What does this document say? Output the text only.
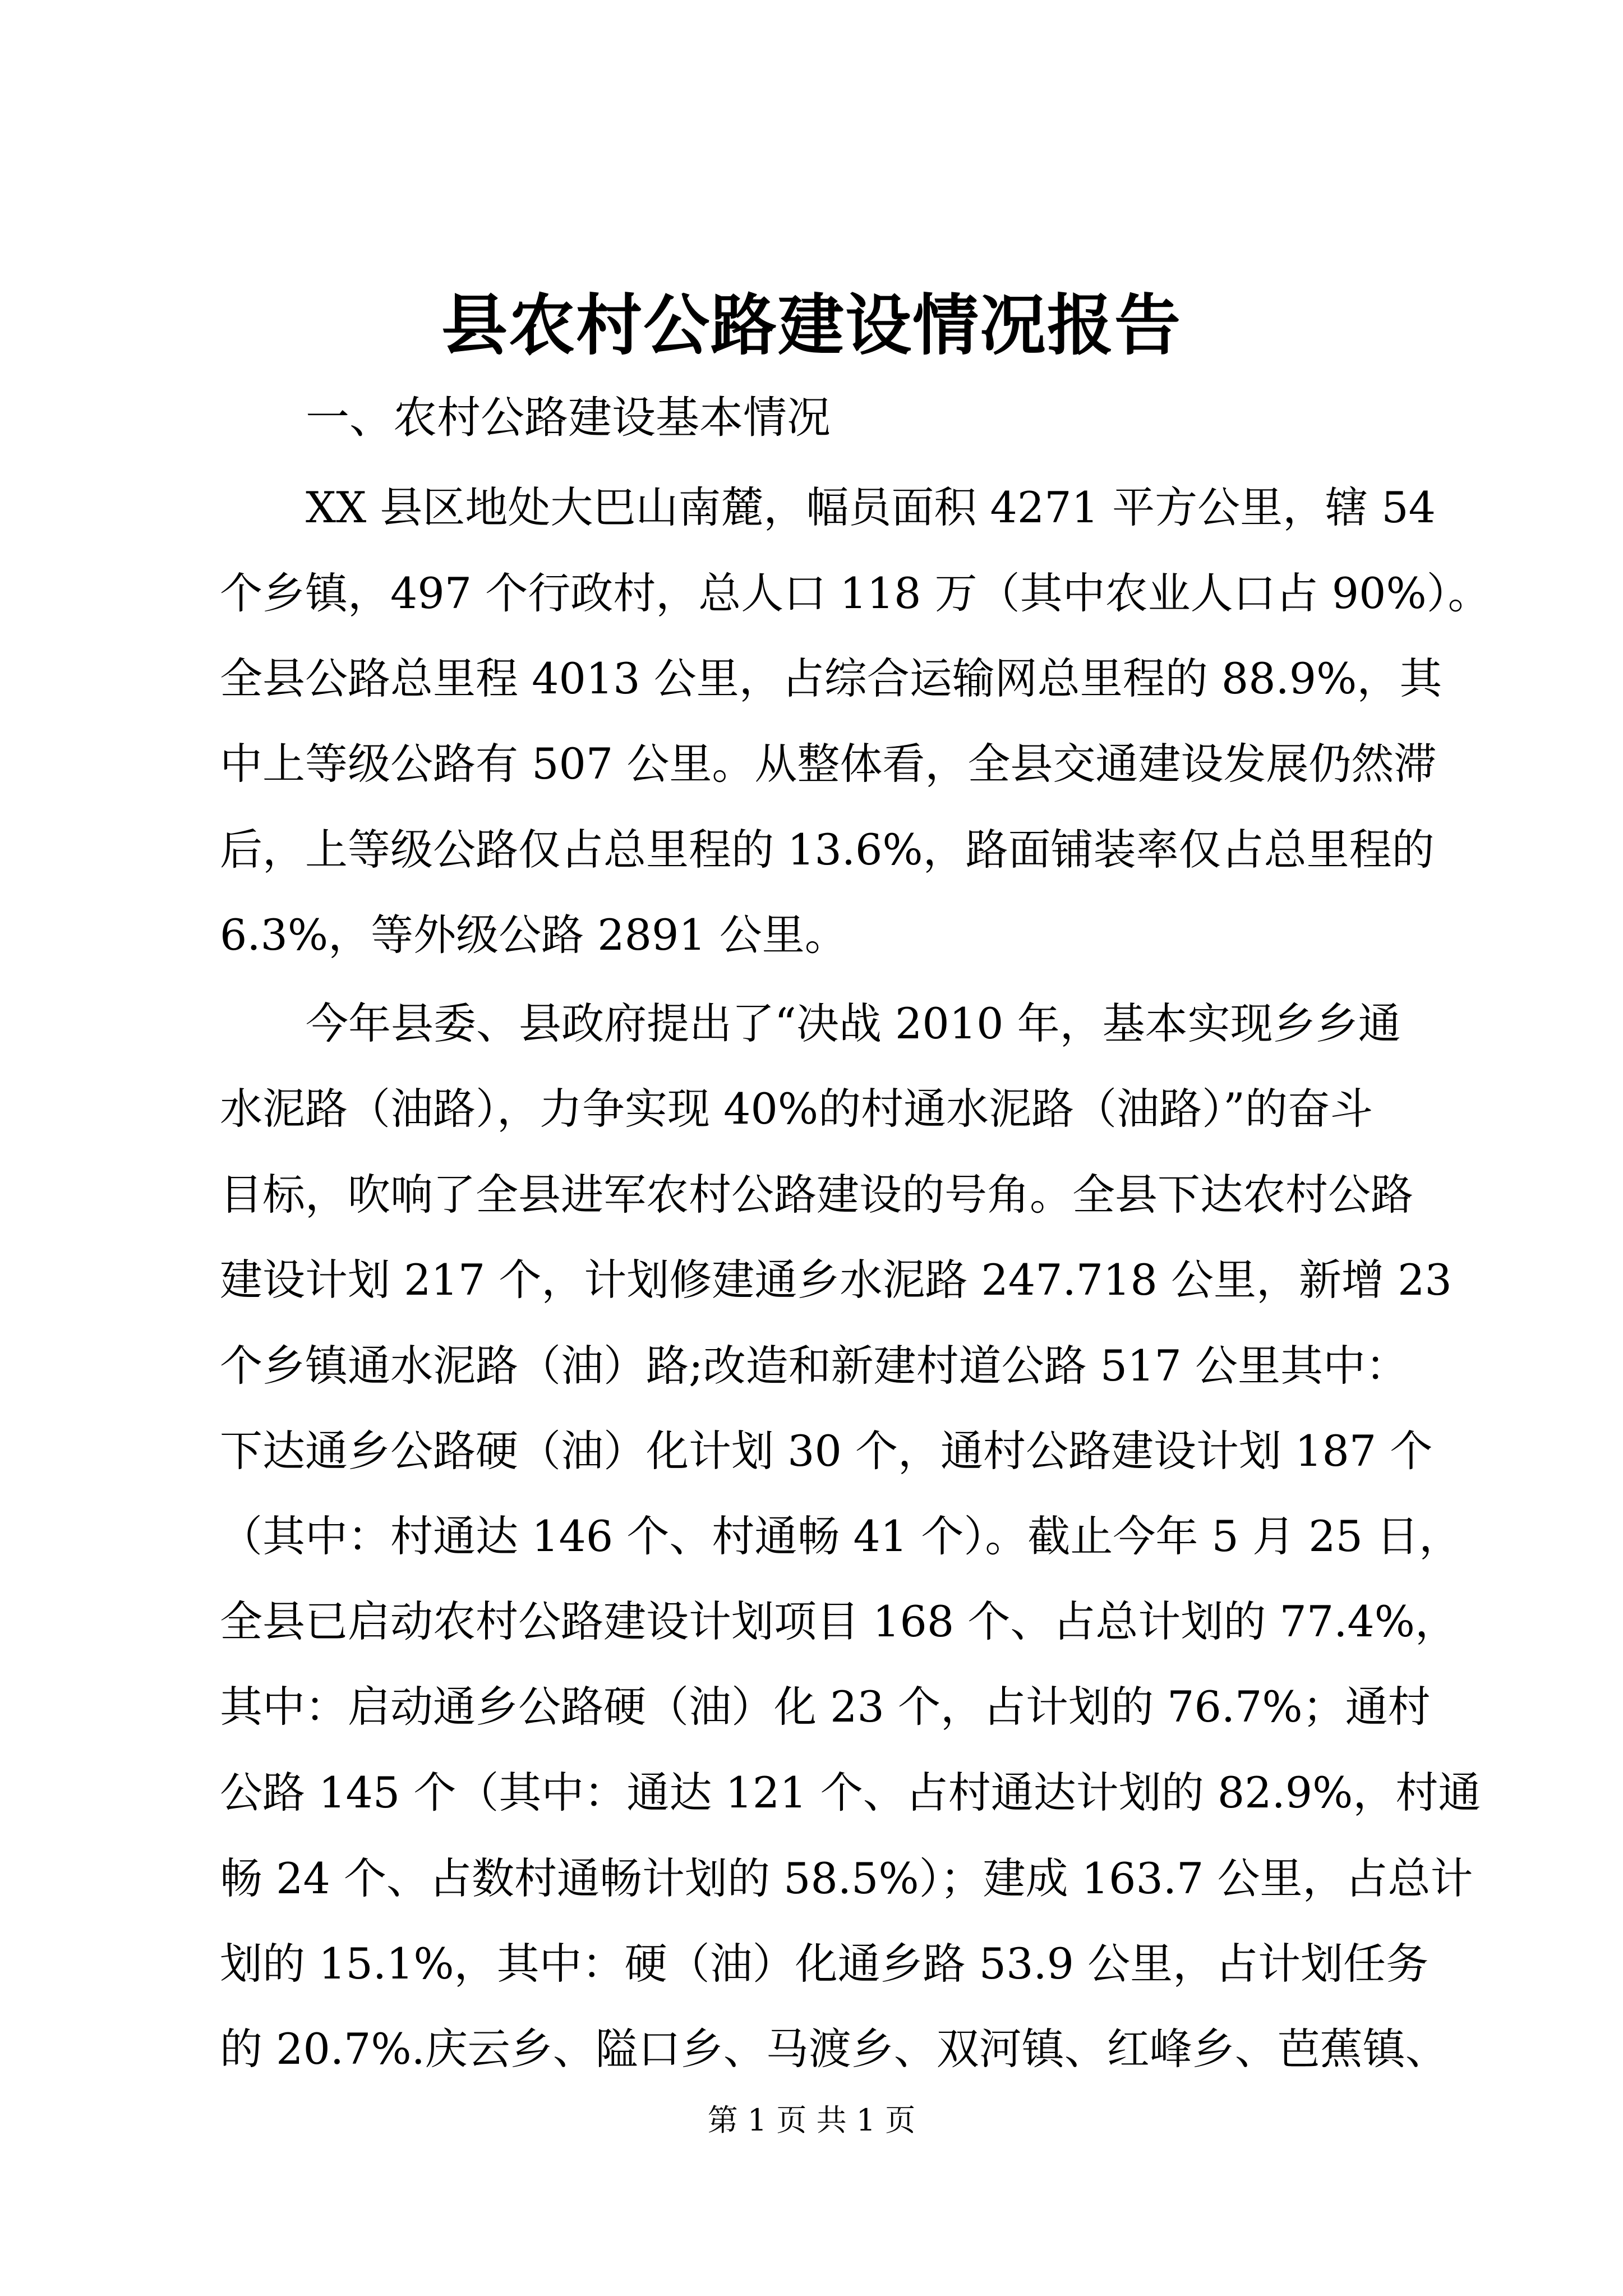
县农村公路建设情况报告

一、农村公路建设基本情况

XX 县区地处大巴山南麓，幅员面积 4271 平方公里，辖 54

个乡镇，497 个行政村，总人口 118 万（其中农业人口占 90%）。

全县公路总里程 4013 公里，占综合运输网总里程的 88.9%，其

中上等级公路有 507 公里。从整体看，全县交通建设发展仍然滞

后，上等级公路仅占总里程的 13.6%，路面铺装率仅占总里程的

6.3%，等外级公路 2891 公里。

今年县委、县政府提出了“决战 2010 年，基本实现乡乡通

水泥路（油路），力争实现 40%的村通水泥路（油路）”的奋斗

目标，吹响了全县进军农村公路建设的号角。全县下达农村公路

建设计划 217 个，计划修建通乡水泥路 247.718 公里，新增 23

个乡镇通水泥路（油）路;改造和新建村道公路 517 公里其中：

下达通乡公路硬（油）化计划 30 个，通村公路建设计划 187 个

（其中：村通达 146 个、村通畅 41 个）。截止今年 5 月 25 日，

全县已启动农村公路建设计划项目 168 个、占总计划的 77.4%，

其中：启动通乡公路硬（油）化 23 个，占计划的 76.7%；通村

公路 145 个（其中：通达 121 个、占村通达计划的 82.9%，村通

畅 24 个、占数村通畅计划的 58.5%）；建成 163.7 公里，占总计

划的 15.1%，其中：硬（油）化通乡路 53.9 公里，占计划任务

的 20.7%.庆云乡、隘口乡、马渡乡、双河镇、红峰乡、芭蕉镇、

第 1 页 共 1 页
